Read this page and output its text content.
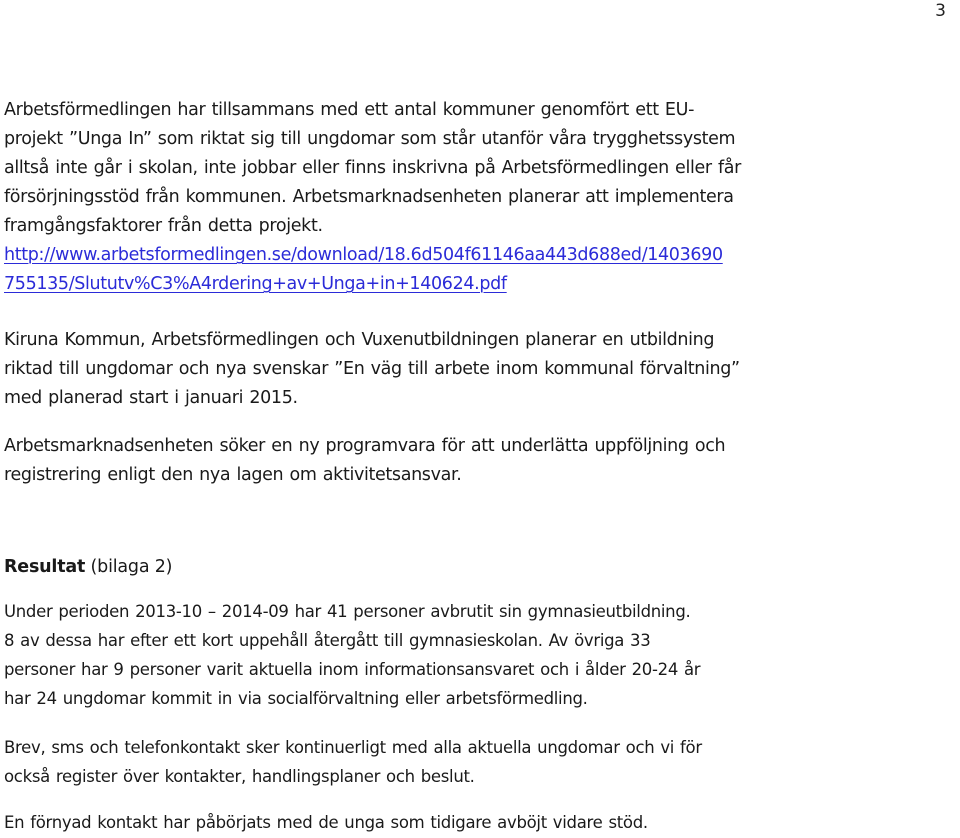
3

Arbetsförmedlingen har tillsammans med ett antal kommuner genomfört ett EU-
projekt ”Unga In” som riktat sig till ungdomar som står utanför våra trygghetssystem
alltså inte går i skolan, inte jobbar eller finns inskrivna på Arbetsförmedlingen eller får
försörjningsstöd från kommunen. Arbetsmarknadsenheten planerar att implementera
framgångsfaktorer från detta projekt.
http://www.arbetsformedlingen.se/download/18.6d504f61146aa443d688ed/1403690
755135/Slututv%C3%A4rdering+av+Unga+in+140624.pdf

Kiruna Kommun, Arbetsförmedlingen och Vuxenutbildningen planerar en utbildning
riktad till ungdomar och nya svenskar ”En väg till arbete inom kommunal förvaltning”
med planerad start i januari 2015.

Arbetsmarknadsenheten söker en ny programvara för att underlätta uppföljning och
registrering enligt den nya lagen om aktivitetsansvar.

Resultat (bilaga 2)

Under perioden 2013-10 – 2014-09 har 41 personer avbrutit sin gymnasieutbildning.
8 av dessa har efter ett kort uppehåll återgått till gymnasieskolan. Av övriga 33
personer har 9 personer varit aktuella inom informationsansvaret och i ålder 20-24 år
har 24 ungdomar kommit in via socialförvaltning eller arbetsförmedling.

Brev, sms och telefonkontakt sker kontinuerligt med alla aktuella ungdomar och vi för
också register över kontakter, handlingsplaner och beslut.

En förnyad kontakt har påbörjats med de unga som tidigare avböjt vidare stöd.
